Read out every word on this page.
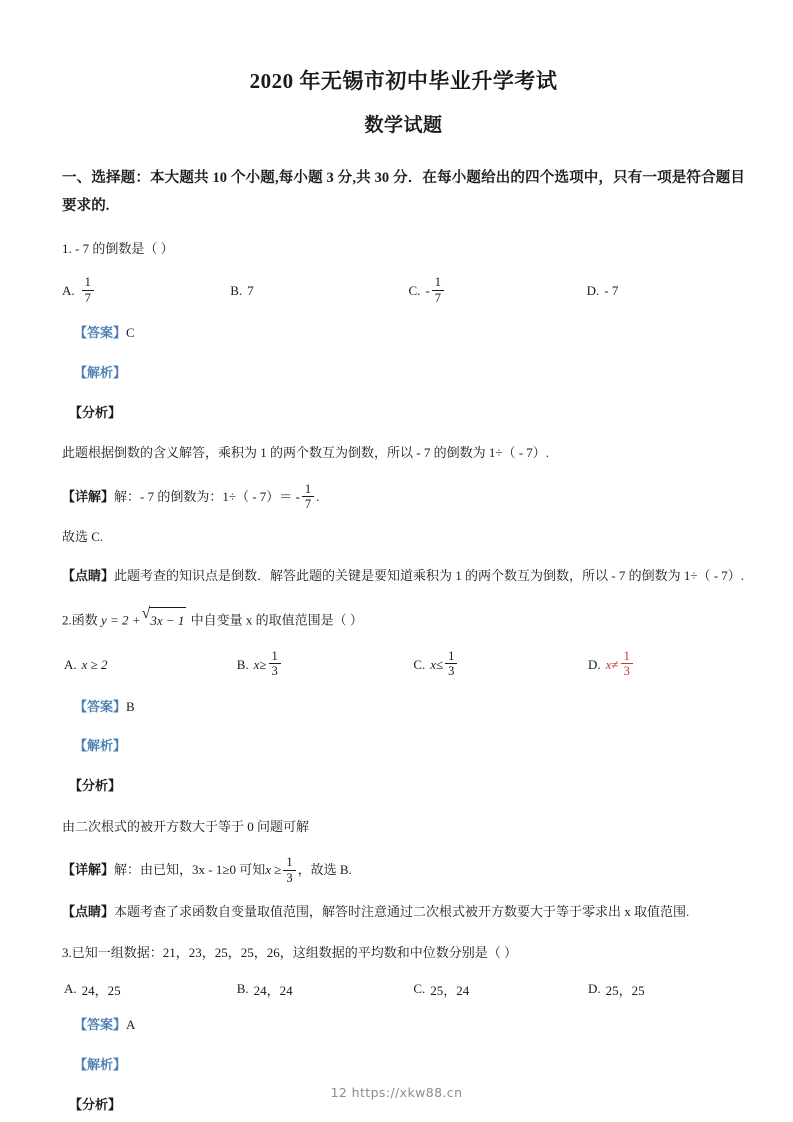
2020 年无锡市初中毕业升学考试
数学试题

一、选择题：本大题共 10 个小题,每小题 3 分,共 30 分．在每小题给出的四个选项中，只有一项是符合题目要求的.

1. - 7 的倒数是（ ）

A. $\frac{1}{7}$	B. 7	C. - $\frac{1}{7}$	D. - 7

【答案】C

【解析】

【分析】

此题根据倒数的含义解答，乘积为 1 的两个数互为倒数，所以 - 7 的倒数为 1÷（ - 7）.

【详解】解：- 7 的倒数为：$1\div( - 7)= - \frac{1}{7}$ .

故选 C.

【点睛】此题考查的知识点是倒数．解答此题的关键是要知道乘积为 1 的两个数互为倒数，所以 - 7 的倒数为 1÷（ - 7）.

2.函数 y = 2 + √ 3x − 1 中自变量 x 的取值范围是（ ）

A. x ≥ 2	B. $x \ge \frac{1}{3}$	C. $x \le \frac{1}{3}$	D. $x \ne \frac{1}{3}$

【答案】B

【解析】

【分析】

由二次根式的被开方数大于等于 0 问题可解

【详解】解：由已知，3x - 1≥0 可知$x \ge \frac{1}{3}$ ，故选 B.

【点睛】本题考查了求函数自变量取值范围，解答时注意通过二次根式被开方数要大于等于零求出 x 取值范围.

3.已知一组数据：21，23，25，25，26，这组数据的平均数和中位数分别是（ ）

A. 24，25	B. 24，24	C. 25，24	D. 25，25

【答案】A

【解析】

【分析】

12 https://xkw88.cn
